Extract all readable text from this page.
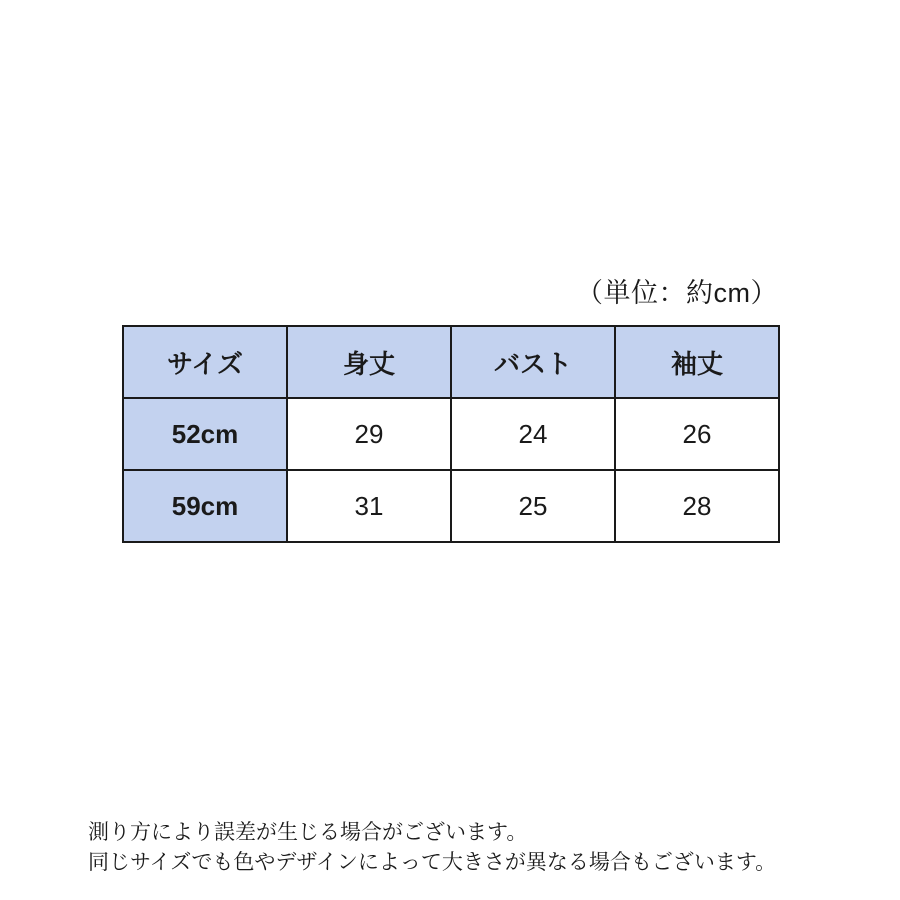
（単位：約cm）

サイズ	身丈	バスト	袖丈
52cm	29	24	26
59cm	31	25	28
測り方により誤差が生じる場合がございます。
同じサイズでも色やデザインによって大きさが異なる場合もございます。
